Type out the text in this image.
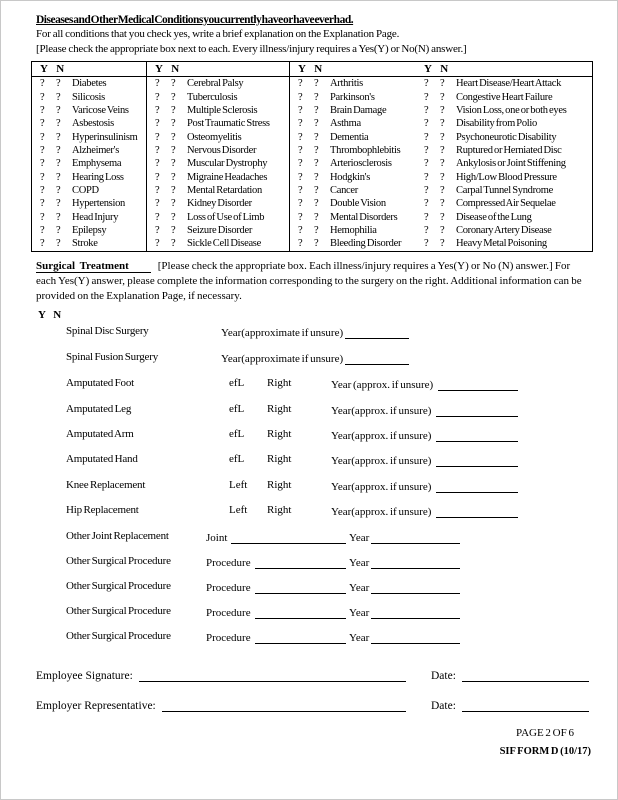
Diseases and Other Medical Conditions you currently have or have ever had.
For all conditions that you check yes, write a brief explanation on the Explanation Page.
[Please check the appropriate box next to each. Every illness/injury requires a Yes(Y) or No(N) answer.]
Y N
?	?	Diabetes
?	?	Silicosis
?	?	Varicose Veins
?	?	Asbestosis
?	?	Hyperinsulinism
?	?	Alzheimer's
?	?	Emphysema
?	?	Hearing Loss
?	?	COPD
?	?	Hypertension
?	?	Head Injury
?	?	Epilepsy
?	?	Stroke
Y N
?	?	Cerebral Palsy
?	?	Tuberculosis
?	?	Multiple Sclerosis
?	?	Post Traumatic Stress
?	?	Osteomyelitis
?	?	Nervous Disorder
?	?	Muscular Dystrophy
?	?	Migraine Headaches
?	?	Mental Retardation
?	?	Kidney Disorder
?	?	Loss of Use of Limb
?	?	Seizure Disorder
?	?	Sickle Cell Disease
Y N
?	?	Arthritis
?	?	Parkinson's
?	?	Brain Damage
?	?	Asthma
?	?	Dementia
?	?	Thrombophlebitis
?	?	Arteriosclerosis
?	?	Hodgkin's
?	?	Cancer
?	?	Double Vision
?	?	Mental Disorders
?	?	Hemophilia
?	?	Bleeding Disorder
Y N
?	?	Heart Disease/Heart Attack
?	?	Congestive Heart Failure
?	?	Vision Loss, one or both eyes
?	?	Disability from Polio
?	?	Psychoneurotic Disability
?	?	Ruptured or Herniated Disc
?	?	Ankylosis or Joint Stiffening
?	?	High/Low Blood Pressure
?	?	Carpal Tunnel Syndrome
?	?	Compressed Air Sequelae
?	?	Disease of the Lung
?	?	Coronary Artery Disease
?	?	Heavy Metal Poisoning
Surgical Treatment	[Please check the appropriate box. Each illness/injury requires a Yes(Y) or No (N) answer.] For each Yes(Y) answer, please complete the information corresponding to the surgery on the right. Additional information can be provided on the Explanation Page, if necessary.
Y N
Spinal Disc Surgery	Year(approximate if unsure)
Spinal Fusion Surgery	Year(approximate if unsure)
Amputated Foot	efL Right	Year (approx. if unsure)
Amputated Leg	efL Right	Year(approx. if unsure)
Amputated Arm	efL Right	Year(approx. if unsure)
Amputated Hand	efL Right	Year(approx. if unsure)
Knee Replacement	Left Right	Year(approx. if unsure)
Hip Replacement	Left Right	Year(approx. if unsure)
Other Joint Replacement	Joint	Year
Other Surgical Procedure	Procedure	Year
Other Surgical Procedure	Procedure	Year
Other Surgical Procedure	Procedure	Year
Other Surgical Procedure	Procedure	Year
Employee Signature:	Date:
Employer Representative:	Date:
PAGE 2 OF 6
SIF FORM D (10/17)
